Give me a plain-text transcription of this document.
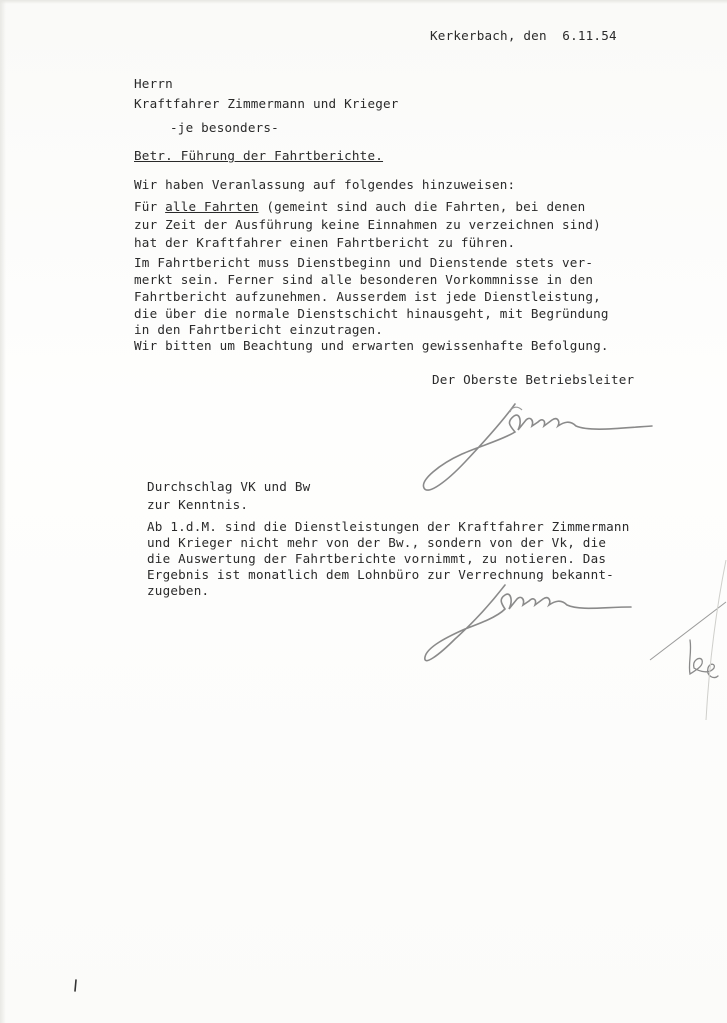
Kerkerbach, den  6.11.54
Herrn
Kraftfahrer Zimmermann und Krieger
-je besonders-
Betr. Führung der Fahrtberichte.
Wir haben Veranlassung auf folgendes hinzuweisen:
Für alle Fahrten (gemeint sind auch die Fahrten, bei denen
zur Zeit der Ausführung keine Einnahmen zu verzeichnen sind)
hat der Kraftfahrer einen Fahrtbericht zu führen.
Im Fahrtbericht muss Dienstbeginn und Dienstende stets ver-
merkt sein. Ferner sind alle besonderen Vorkommnisse in den
Fahrtbericht aufzunehmen. Ausserdem ist jede Dienstleistung,
die über die normale Dienstschicht hinausgeht, mit Begründung
in den Fahrtbericht einzutragen.
Wir bitten um Beachtung und erwarten gewissenhafte Befolgung.
Der Oberste Betriebsleiter
Durchschlag VK und Bw
zur Kenntnis.
Ab 1.d.M. sind die Dienstleistungen der Kraftfahrer Zimmermann
und Krieger nicht mehr von der Bw., sondern von der Vk, die
die Auswertung der Fahrtberichte vornimmt, zu notieren. Das
Ergebnis ist monatlich dem Lohnbüro zur Verrechnung bekannt-
zugeben.
